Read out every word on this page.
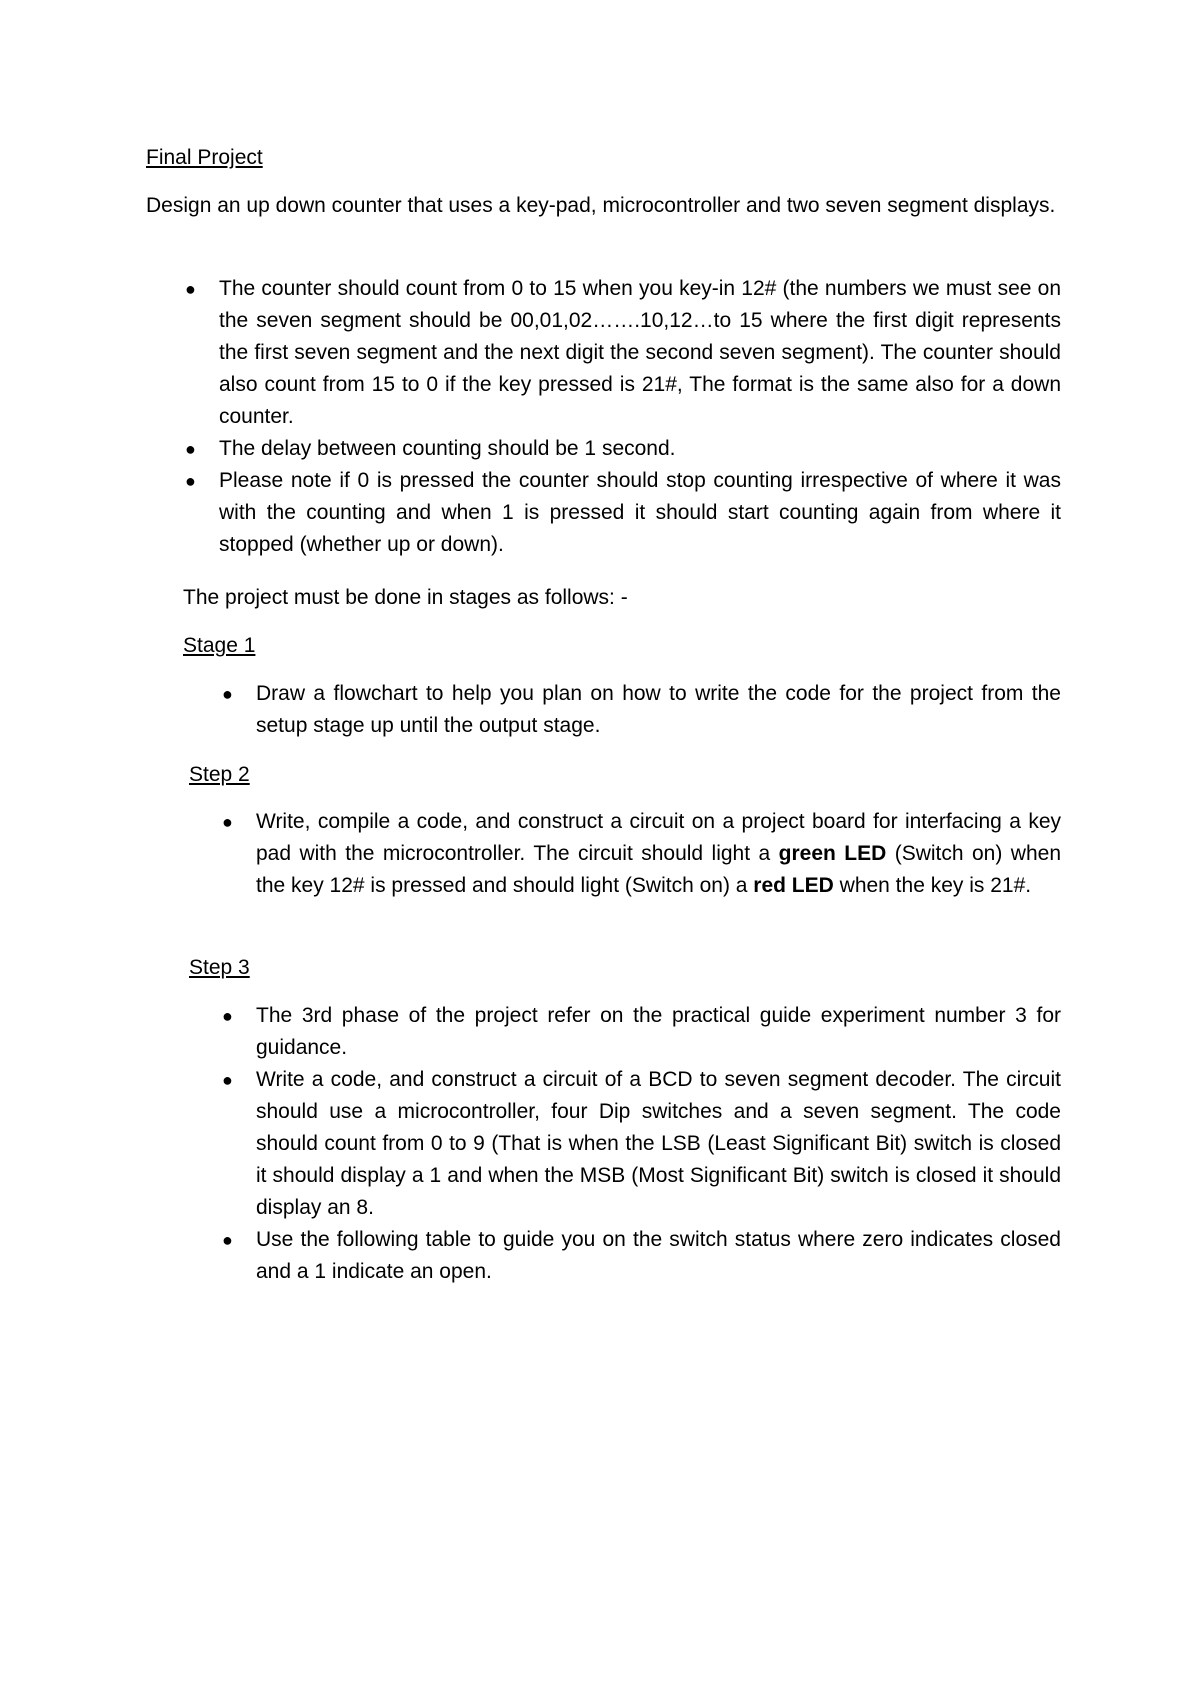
Final Project

Design an up down counter that uses a key-pad, microcontroller and two seven segment displays.

● The counter should count from 0 to 15 when you key-in 12# (the numbers we must see on the seven segment should be 00,01,02…….10,12…to 15 where the first digit represents the first seven segment and the next digit the second seven segment). The counter should also count from 15 to 0 if the key pressed is 21#, The format is the same also for a down counter.
● The delay between counting should be 1 second.
● Please note if 0 is pressed the counter should stop counting irrespective of where it was with the counting and when 1 is pressed it should start counting again from where it stopped (whether up or down).

The project must be done in stages as follows: -

Stage 1

● Draw a flowchart to help you plan on how to write the code for the project from the setup stage up until the output stage.

Step 2

● Write, compile a code, and construct a circuit on a project board for interfacing a key pad with the microcontroller. The circuit should light a green LED (Switch on) when the key 12# is pressed and should light (Switch on) a red LED when the key is 21#.

Step 3

● The 3rd phase of the project refer on the practical guide experiment number 3 for guidance.
● Write a code, and construct a circuit of a BCD to seven segment decoder. The circuit should use a microcontroller, four Dip switches and a seven segment. The code should count from 0 to 9 (That is when the LSB (Least Significant Bit) switch is closed it should display a 1 and when the MSB (Most Significant Bit) switch is closed it should display an 8.
● Use the following table to guide you on the switch status where zero indicates closed and a 1 indicate an open.
